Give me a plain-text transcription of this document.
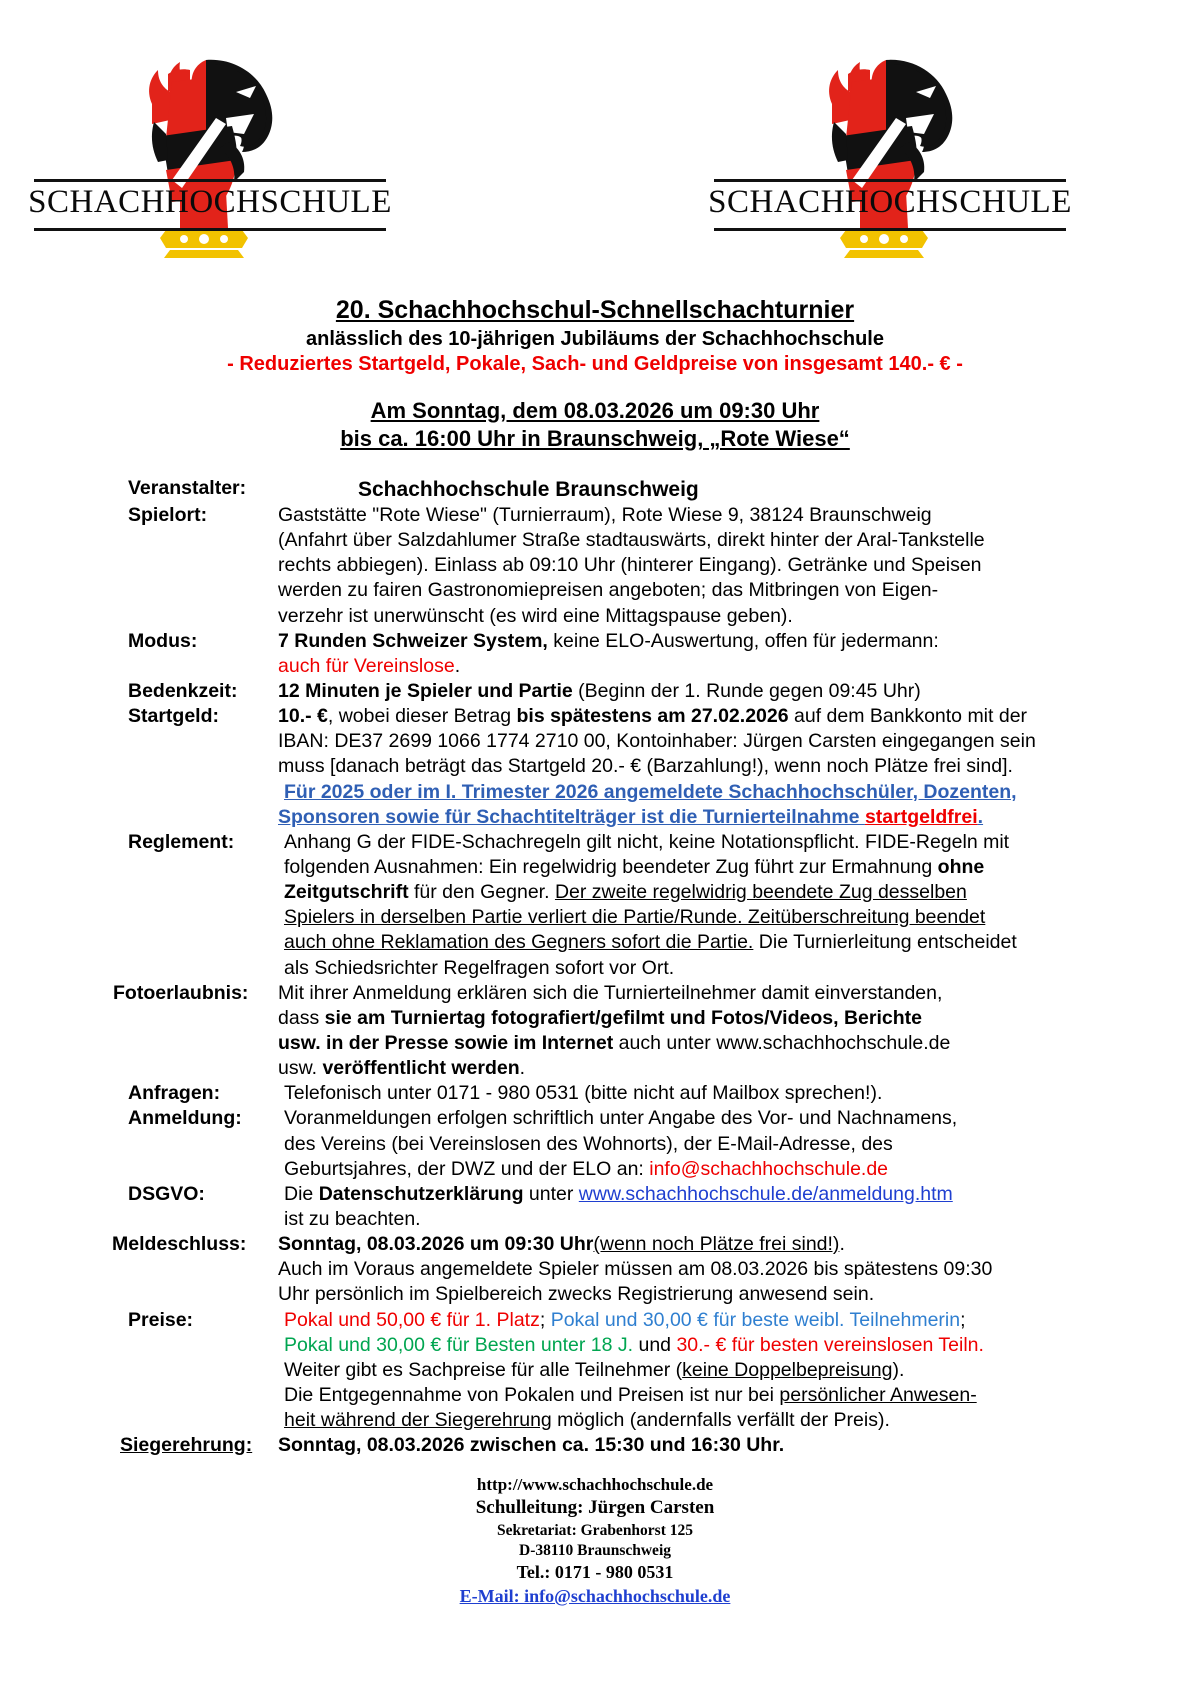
SCHACHHOCHSCHULE	SCHACHHOCHSCHULE
20. Schachhochschul-Schnellschachturnier
anlässlich des 10-jährigen Jubiläums der Schachhochschule
- Reduziertes Startgeld, Pokale, Sach- und Geldpreise von insgesamt 140.- € -
Am Sonntag, dem 08.03.2026 um 09:30 Uhr
bis ca. 16:00 Uhr in Braunschweig, „Rote Wiese“
Veranstalter:	Schachhochschule Braunschweig
Spielort:	Gaststätte "Rote Wiese" (Turnierraum), Rote Wiese 9, 38124 Braunschweig
(Anfahrt über Salzdahlumer Straße stadtauswärts, direkt hinter der Aral-Tankstelle
rechts abbiegen). Einlass ab 09:10 Uhr (hinterer Eingang). Getränke und Speisen
werden zu fairen Gastronomiepreisen angeboten; das Mitbringen von Eigen-
verzehr ist unerwünscht (es wird eine Mittagspause geben).
Modus:	7 Runden Schweizer System, keine ELO-Auswertung, offen für jedermann:
auch für Vereinslose.
Bedenkzeit:	12 Minuten je Spieler und Partie (Beginn der 1. Runde gegen 09:45 Uhr)
Startgeld:	10.- €, wobei dieser Betrag bis spätestens am 27.02.2026 auf dem Bankkonto mit der
IBAN: DE37 2699 1066 1774 2710 00, Kontoinhaber: Jürgen Carsten eingegangen sein
muss [danach beträgt das Startgeld 20.- € (Barzahlung!), wenn noch Plätze frei sind].
Für 2025 oder im I. Trimester 2026 angemeldete Schachhochschüler, Dozenten,
Sponsoren sowie für Schachtitelträger ist die Turnierteilnahme startgeldfrei.
Reglement:	Anhang G der FIDE-Schachregeln gilt nicht, keine Notationspflicht. FIDE-Regeln mit
folgenden Ausnahmen: Ein regelwidrig beendeter Zug führt zur Ermahnung ohne
Zeitgutschrift für den Gegner. Der zweite regelwidrig beendete Zug desselben
Spielers in derselben Partie verliert die Partie/Runde. Zeitüberschreitung beendet
auch ohne Reklamation des Gegners sofort die Partie. Die Turnierleitung entscheidet
als Schiedsrichter Regelfragen sofort vor Ort.
Fotoerlaubnis:	Mit ihrer Anmeldung erklären sich die Turnierteilnehmer damit einverstanden,
dass sie am Turniertag fotografiert/gefilmt und Fotos/Videos, Berichte
usw. in der Presse sowie im Internet auch unter www.schachhochschule.de
usw. veröffentlicht werden.
Anfragen:	Telefonisch unter 0171 - 980 0531 (bitte nicht auf Mailbox sprechen!).
Anmeldung:	Voranmeldungen erfolgen schriftlich unter Angabe des Vor- und Nachnamens,
des Vereins (bei Vereinslosen des Wohnorts), der E-Mail-Adresse, des
Geburtsjahres, der DWZ und der ELO an: info@schachhochschule.de
DSGVO:	Die Datenschutzerklärung unter www.schachhochschule.de/anmeldung.htm
ist zu beachten.
Meldeschluss:	Sonntag, 08.03.2026 um 09:30 Uhr(wenn noch Plätze frei sind!).
Auch im Voraus angemeldete Spieler müssen am 08.03.2026 bis spätestens 09:30
Uhr persönlich im Spielbereich zwecks Registrierung anwesend sein.
Preise:	Pokal und 50,00 € für 1. Platz; Pokal und 30,00 € für beste weibl. Teilnehmerin;
Pokal und 30,00 € für Besten unter 18 J. und 30.- € für besten vereinslosen Teiln.
Weiter gibt es Sachpreise für alle Teilnehmer (keine Doppelbepreisung).
Die Entgegennahme von Pokalen und Preisen ist nur bei persönlicher Anwesen-
heit während der Siegerehrung möglich (andernfalls verfällt der Preis).
Siegerehrung:	Sonntag, 08.03.2026 zwischen ca. 15:30 und 16:30 Uhr.
http://www.schachhochschule.de
Schulleitung: Jürgen Carsten
Sekretariat: Grabenhorst 125
D-38110 Braunschweig
Tel.: 0171 - 980 0531
E-Mail: info@schachhochschule.de
